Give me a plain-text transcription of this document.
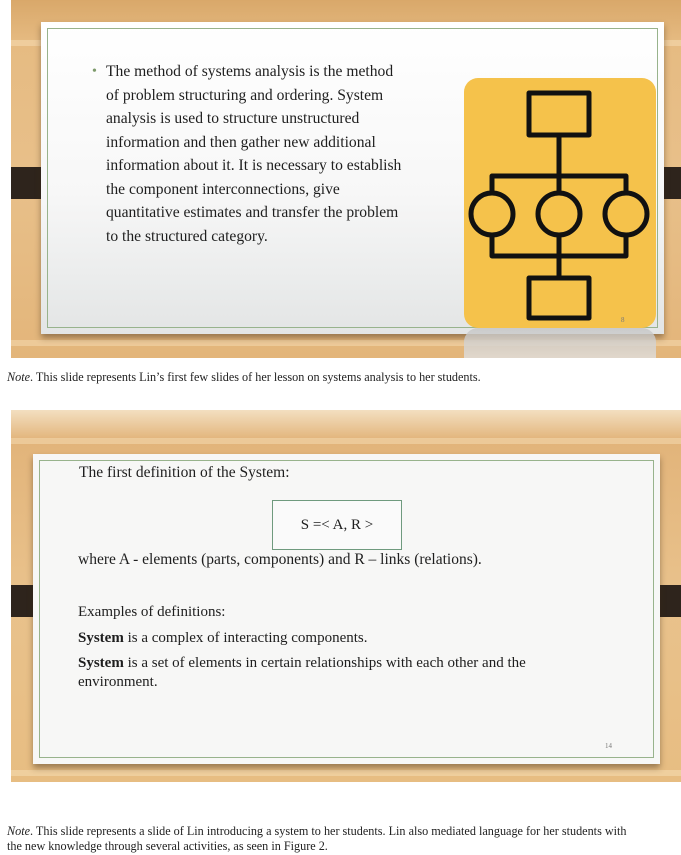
• The method of systems analysis is the method
of problem structuring and ordering. System
analysis is used to structure unstructured
information and then gather new additional
information about it. It is necessary to establish
the component interconnections, give
quantitative estimates and transfer the problem
to the structured category.
8
Note. This slide represents Lin’s first few slides of her lesson on systems analysis to her students.
The first definition of the System:
S =< A, R >
where A - elements (parts, components) and R – links (relations).
Examples of definitions:
System is a complex of interacting components.
System is a set of elements in certain relationships with each other and the
environment.
14
Note. This slide represents a slide of Lin introducing a system to her students. Lin also mediated language for her students with
the new knowledge through several activities, as seen in Figure 2.
